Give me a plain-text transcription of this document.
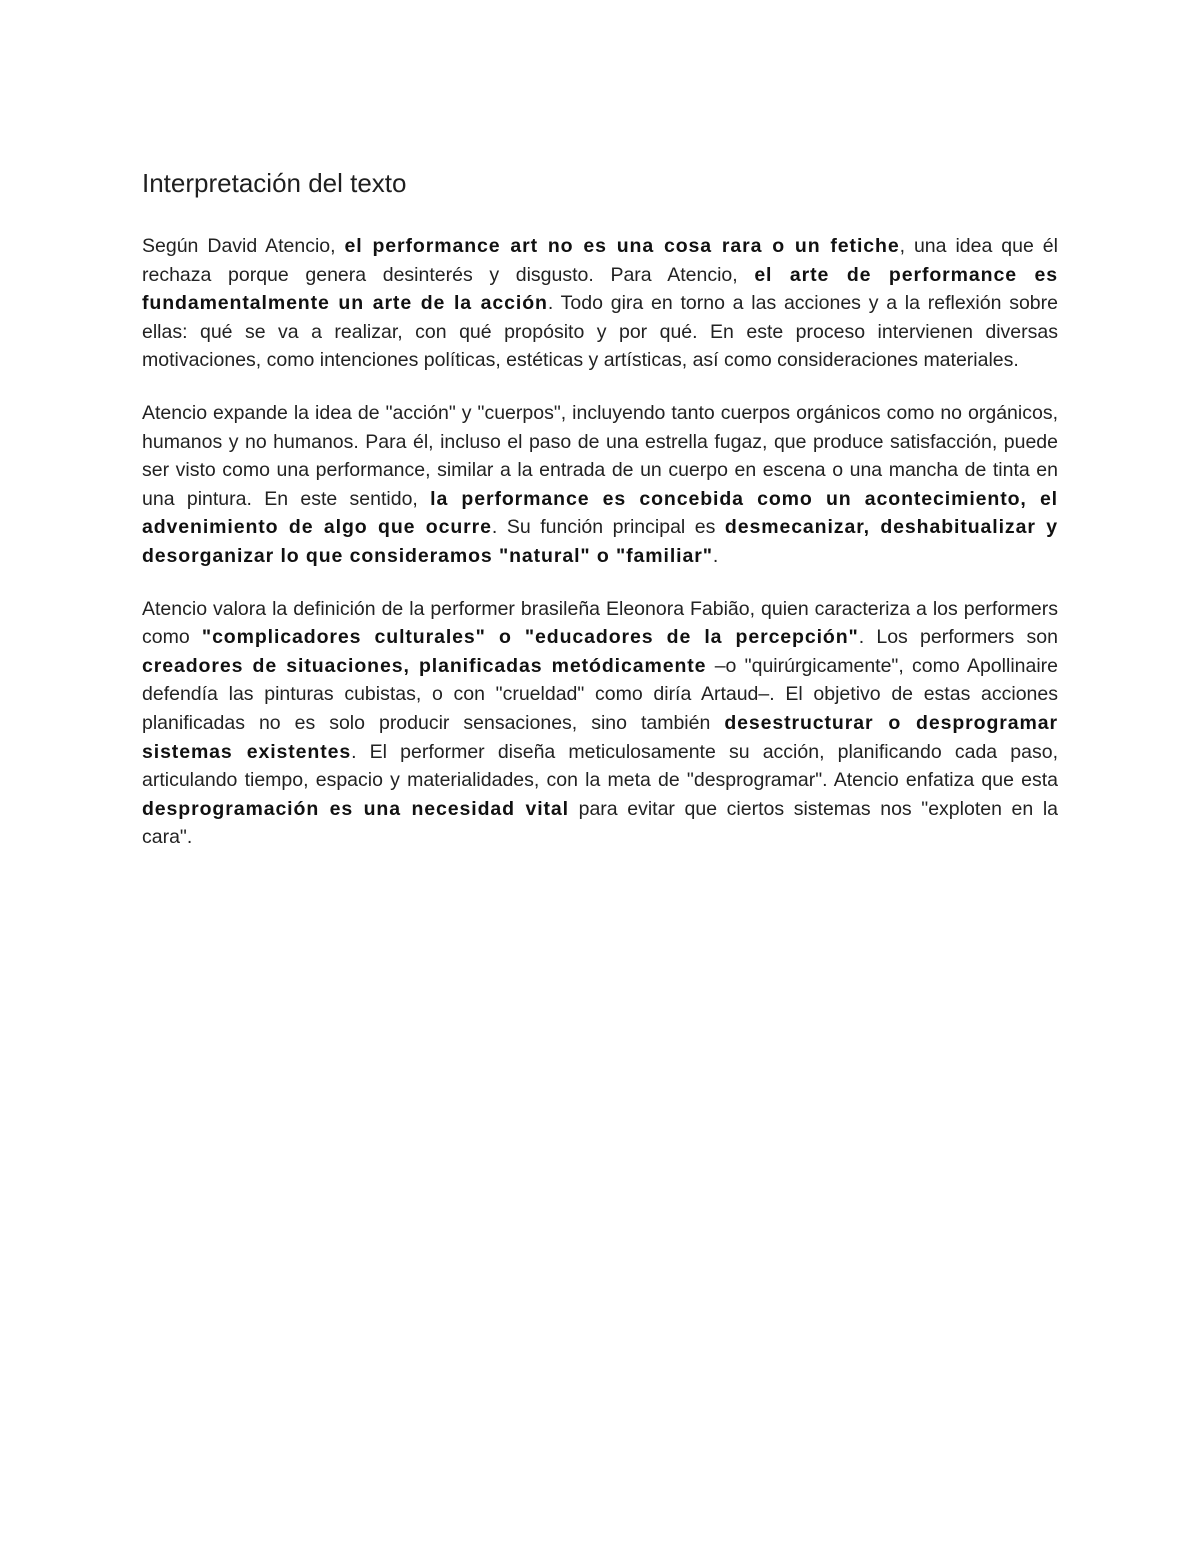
Interpretación del texto

Según David Atencio, el performance art no es una cosa rara o un fetiche, una idea que él rechaza porque genera desinterés y disgusto. Para Atencio, el arte de performance es fundamentalmente un arte de la acción. Todo gira en torno a las acciones y a la reflexión sobre ellas: qué se va a realizar, con qué propósito y por qué. En este proceso intervienen diversas motivaciones, como intenciones políticas, estéticas y artísticas, así como consideraciones materiales.

Atencio expande la idea de "acción" y "cuerpos", incluyendo tanto cuerpos orgánicos como no orgánicos, humanos y no humanos. Para él, incluso el paso de una estrella fugaz, que produce satisfacción, puede ser visto como una performance, similar a la entrada de un cuerpo en escena o una mancha de tinta en una pintura. En este sentido, la performance es concebida como un acontecimiento, el advenimiento de algo que ocurre. Su función principal es desmecanizar, deshabitualizar y desorganizar lo que consideramos "natural" o "familiar".

Atencio valora la definición de la performer brasileña Eleonora Fabião, quien caracteriza a los performers como "complicadores culturales" o "educadores de la percepción". Los performers son creadores de situaciones, planificadas metódicamente –o "quirúrgicamente", como Apollinaire defendía las pinturas cubistas, o con "crueldad" como diría Artaud–. El objetivo de estas acciones planificadas no es solo producir sensaciones, sino también desestructurar o desprogramar sistemas existentes. El performer diseña meticulosamente su acción, planificando cada paso, articulando tiempo, espacio y materialidades, con la meta de "desprogramar". Atencio enfatiza que esta desprogramación es una necesidad vital para evitar que ciertos sistemas nos "exploten en la cara".
